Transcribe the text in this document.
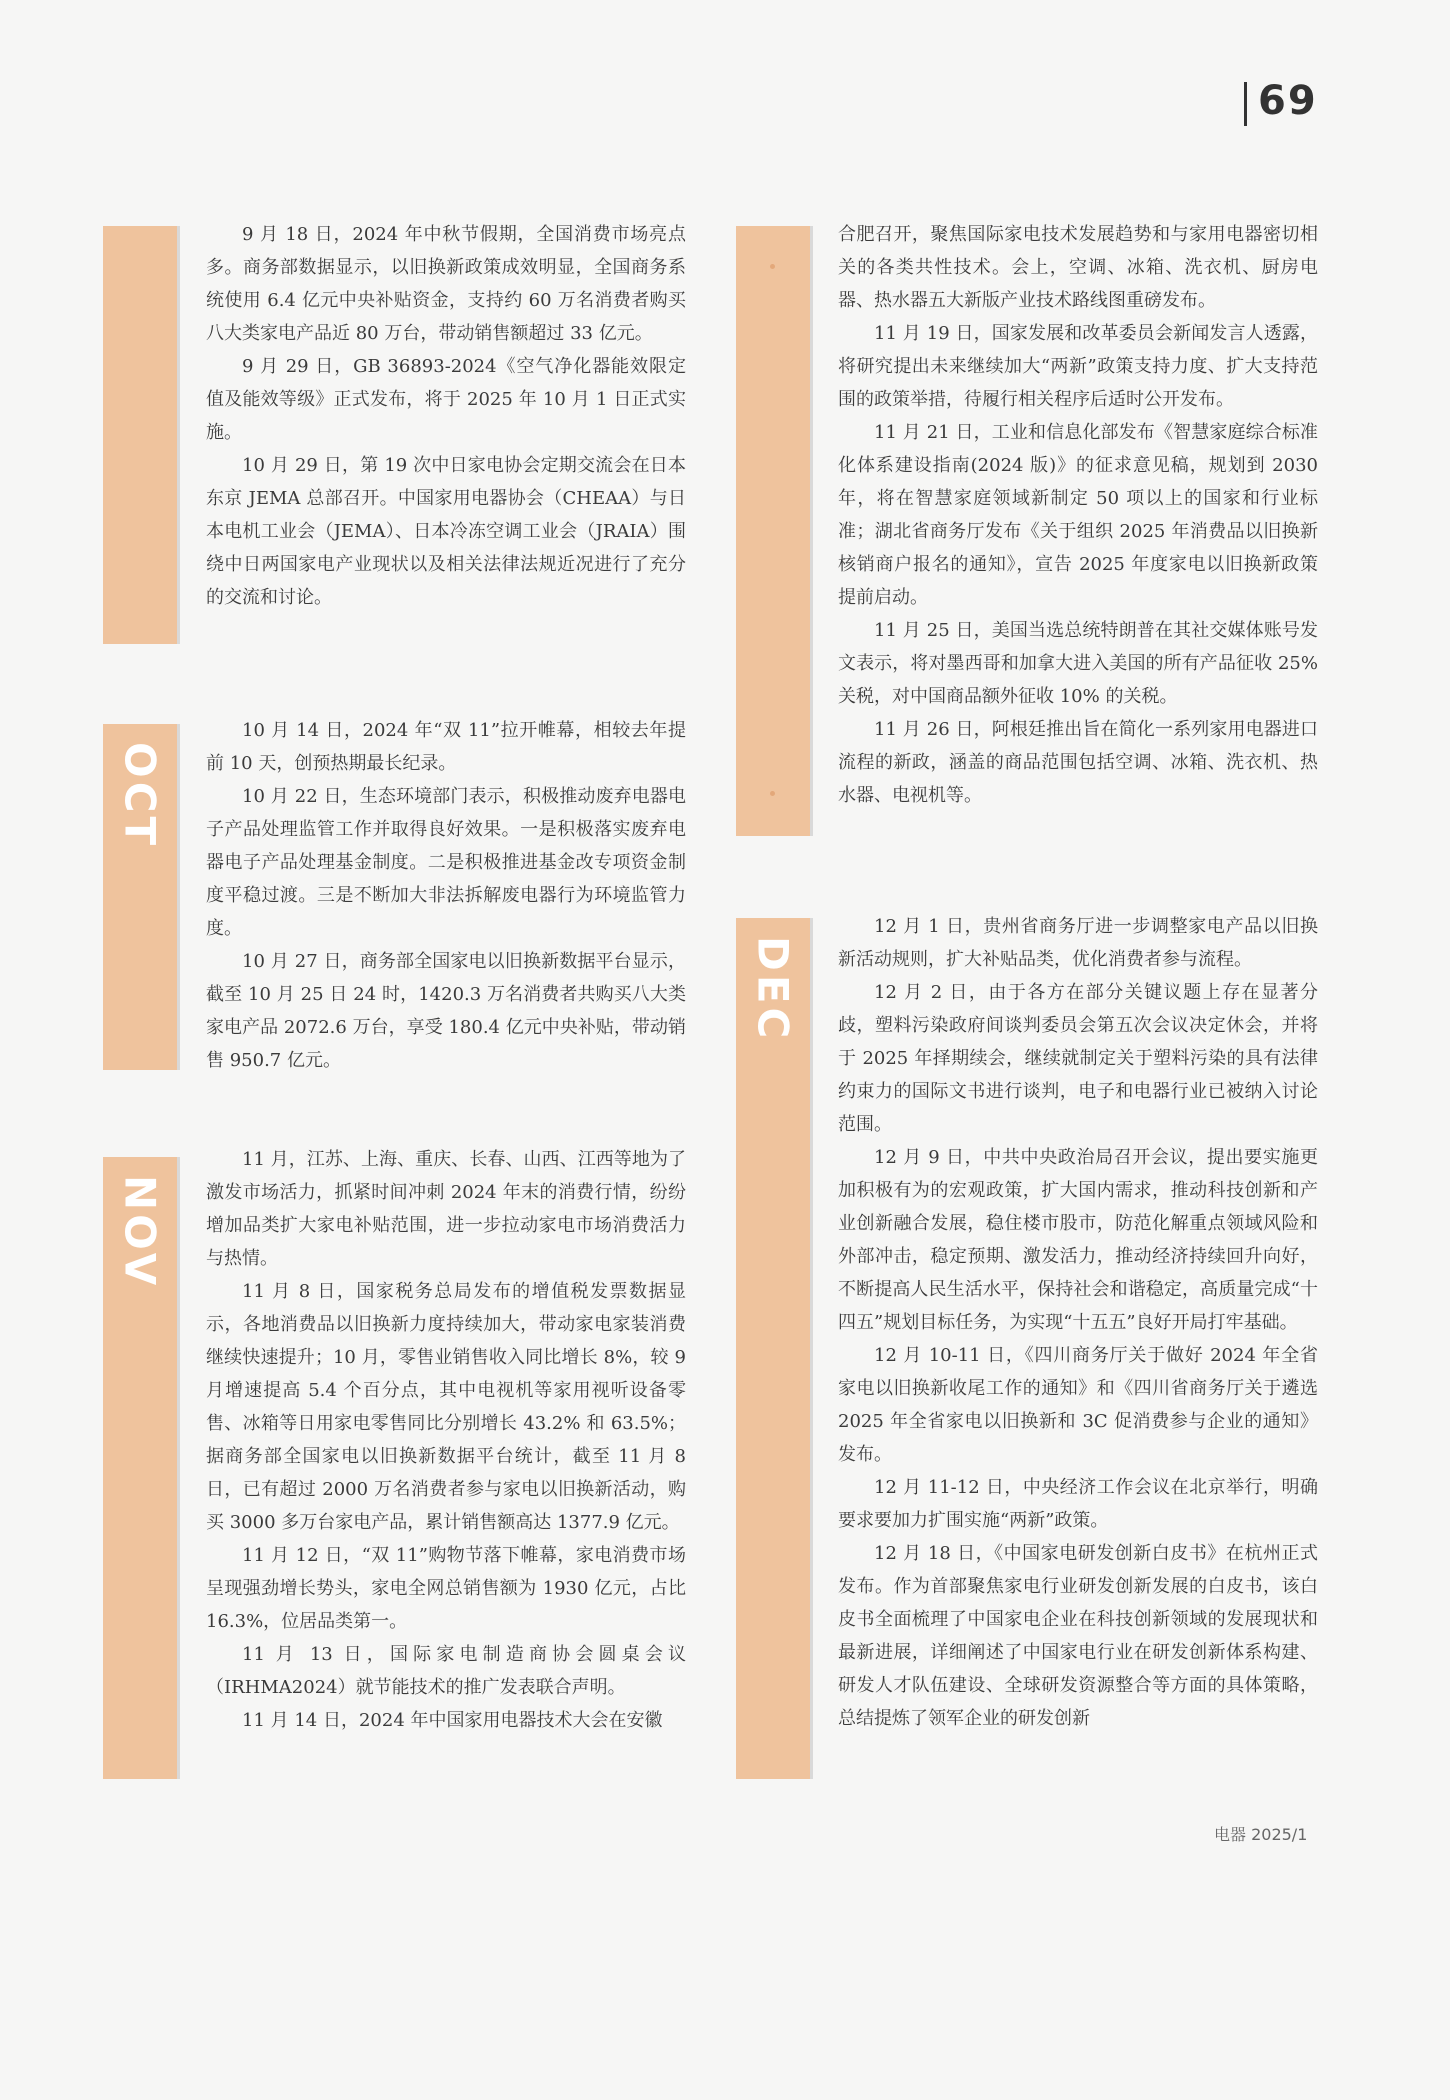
69
OCT
NOV
DEC

9 月 18 日，2024 年中秋节假期，全国消费市场亮点多。商务部数据显示，以旧换新政策成效明显，全国商务系统使用 6.4 亿元中央补贴资金，支持约 60 万名消费者购买八大类家电产品近 80 万台，带动销售额超过 33 亿元。

9 月 29 日，GB 36893-2024《空气净化器能效限定值及能效等级》正式发布，将于 2025 年 10 月 1 日正式实施。

10 月 29 日，第 19 次中日家电协会定期交流会在日本东京 JEMA 总部召开。中国家用电器协会（CHEAA）与日本电机工业会（JEMA）、日本冷冻空调工业会（JRAIA）围绕中日两国家电产业现状以及相关法律法规近况进行了充分的交流和讨论。

10 月 14 日，2024 年“双 11”拉开帷幕，相较去年提前 10 天，创预热期最长纪录。

10 月 22 日，生态环境部门表示，积极推动废弃电器电子产品处理监管工作并取得良好效果。一是积极落实废弃电器电子产品处理基金制度。二是积极推进基金改专项资金制度平稳过渡。三是不断加大非法拆解废电器行为环境监管力度。

10 月 27 日，商务部全国家电以旧换新数据平台显示，截至 10 月 25 日 24 时，1420.3 万名消费者共购买八大类家电产品 2072.6 万台，享受 180.4 亿元中央补贴，带动销售 950.7 亿元。

11 月，江苏、上海、重庆、长春、山西、江西等地为了激发市场活力，抓紧时间冲刺 2024 年末的消费行情，纷纷增加品类扩大家电补贴范围，进一步拉动家电市场消费活力与热情。

11 月 8 日，国家税务总局发布的增值税发票数据显示，各地消费品以旧换新力度持续加大，带动家电家装消费继续快速提升；10 月，零售业销售收入同比增长 8%，较 9 月增速提高 5.4 个百分点，其中电视机等家用视听设备零售、冰箱等日用家电零售同比分别增长 43.2% 和 63.5%；据商务部全国家电以旧换新数据平台统计，截至 11 月 8 日，已有超过 2000 万名消费者参与家电以旧换新活动，购买 3000 多万台家电产品，累计销售额高达 1377.9 亿元。

11 月 12 日，“双 11”购物节落下帷幕，家电消费市场呈现强劲增长势头，家电全网总销售额为 1930 亿元，占比 16.3%，位居品类第一。

11 月 13 日，国际家电制造商协会圆桌会议（IRHMA2024）就节能技术的推广发表联合声明。

11 月 14 日，2024 年中国家用电器技术大会在安徽

合肥召开，聚焦国际家电技术发展趋势和与家用电器密切相关的各类共性技术。会上，空调、冰箱、洗衣机、厨房电器、热水器五大新版产业技术路线图重磅发布。

11 月 19 日，国家发展和改革委员会新闻发言人透露，将研究提出未来继续加大“两新”政策支持力度、扩大支持范围的政策举措，待履行相关程序后适时公开发布。

11 月 21 日，工业和信息化部发布《智慧家庭综合标准化体系建设指南(2024 版)》的征求意见稿，规划到 2030 年，将在智慧家庭领域新制定 50 项以上的国家和行业标准；湖北省商务厅发布《关于组织 2025 年消费品以旧换新核销商户报名的通知》，宣告 2025 年度家电以旧换新政策提前启动。

11 月 25 日，美国当选总统特朗普在其社交媒体账号发文表示，将对墨西哥和加拿大进入美国的所有产品征收 25% 关税，对中国商品额外征收 10% 的关税。

11 月 26 日，阿根廷推出旨在简化一系列家用电器进口流程的新政，涵盖的商品范围包括空调、冰箱、洗衣机、热水器、电视机等。

12 月 1 日，贵州省商务厅进一步调整家电产品以旧换新活动规则，扩大补贴品类，优化消费者参与流程。

12 月 2 日，由于各方在部分关键议题上存在显著分歧，塑料污染政府间谈判委员会第五次会议决定休会，并将于 2025 年择期续会，继续就制定关于塑料污染的具有法律约束力的国际文书进行谈判，电子和电器行业已被纳入讨论范围。

12 月 9 日，中共中央政治局召开会议，提出要实施更加积极有为的宏观政策，扩大国内需求，推动科技创新和产业创新融合发展，稳住楼市股市，防范化解重点领域风险和外部冲击，稳定预期、激发活力，推动经济持续回升向好，不断提高人民生活水平，保持社会和谐稳定，高质量完成“十四五”规划目标任务，为实现“十五五”良好开局打牢基础。

12 月 10-11 日，《四川商务厅关于做好 2024 年全省家电以旧换新收尾工作的通知》和《四川省商务厅关于遴选 2025 年全省家电以旧换新和 3C 促消费参与企业的通知》发布。

12 月 11-12 日，中央经济工作会议在北京举行，明确要求要加力扩围实施“两新”政策。

12 月 18 日，《中国家电研发创新白皮书》在杭州正式发布。作为首部聚焦家电行业研发创新发展的白皮书，该白皮书全面梳理了中国家电企业在科技创新领域的发展现状和最新进展，详细阐述了中国家电行业在研发创新体系构建、研发人才队伍建设、全球研发资源整合等方面的具体策略，总结提炼了领军企业的研发创新

电器 2025/1
